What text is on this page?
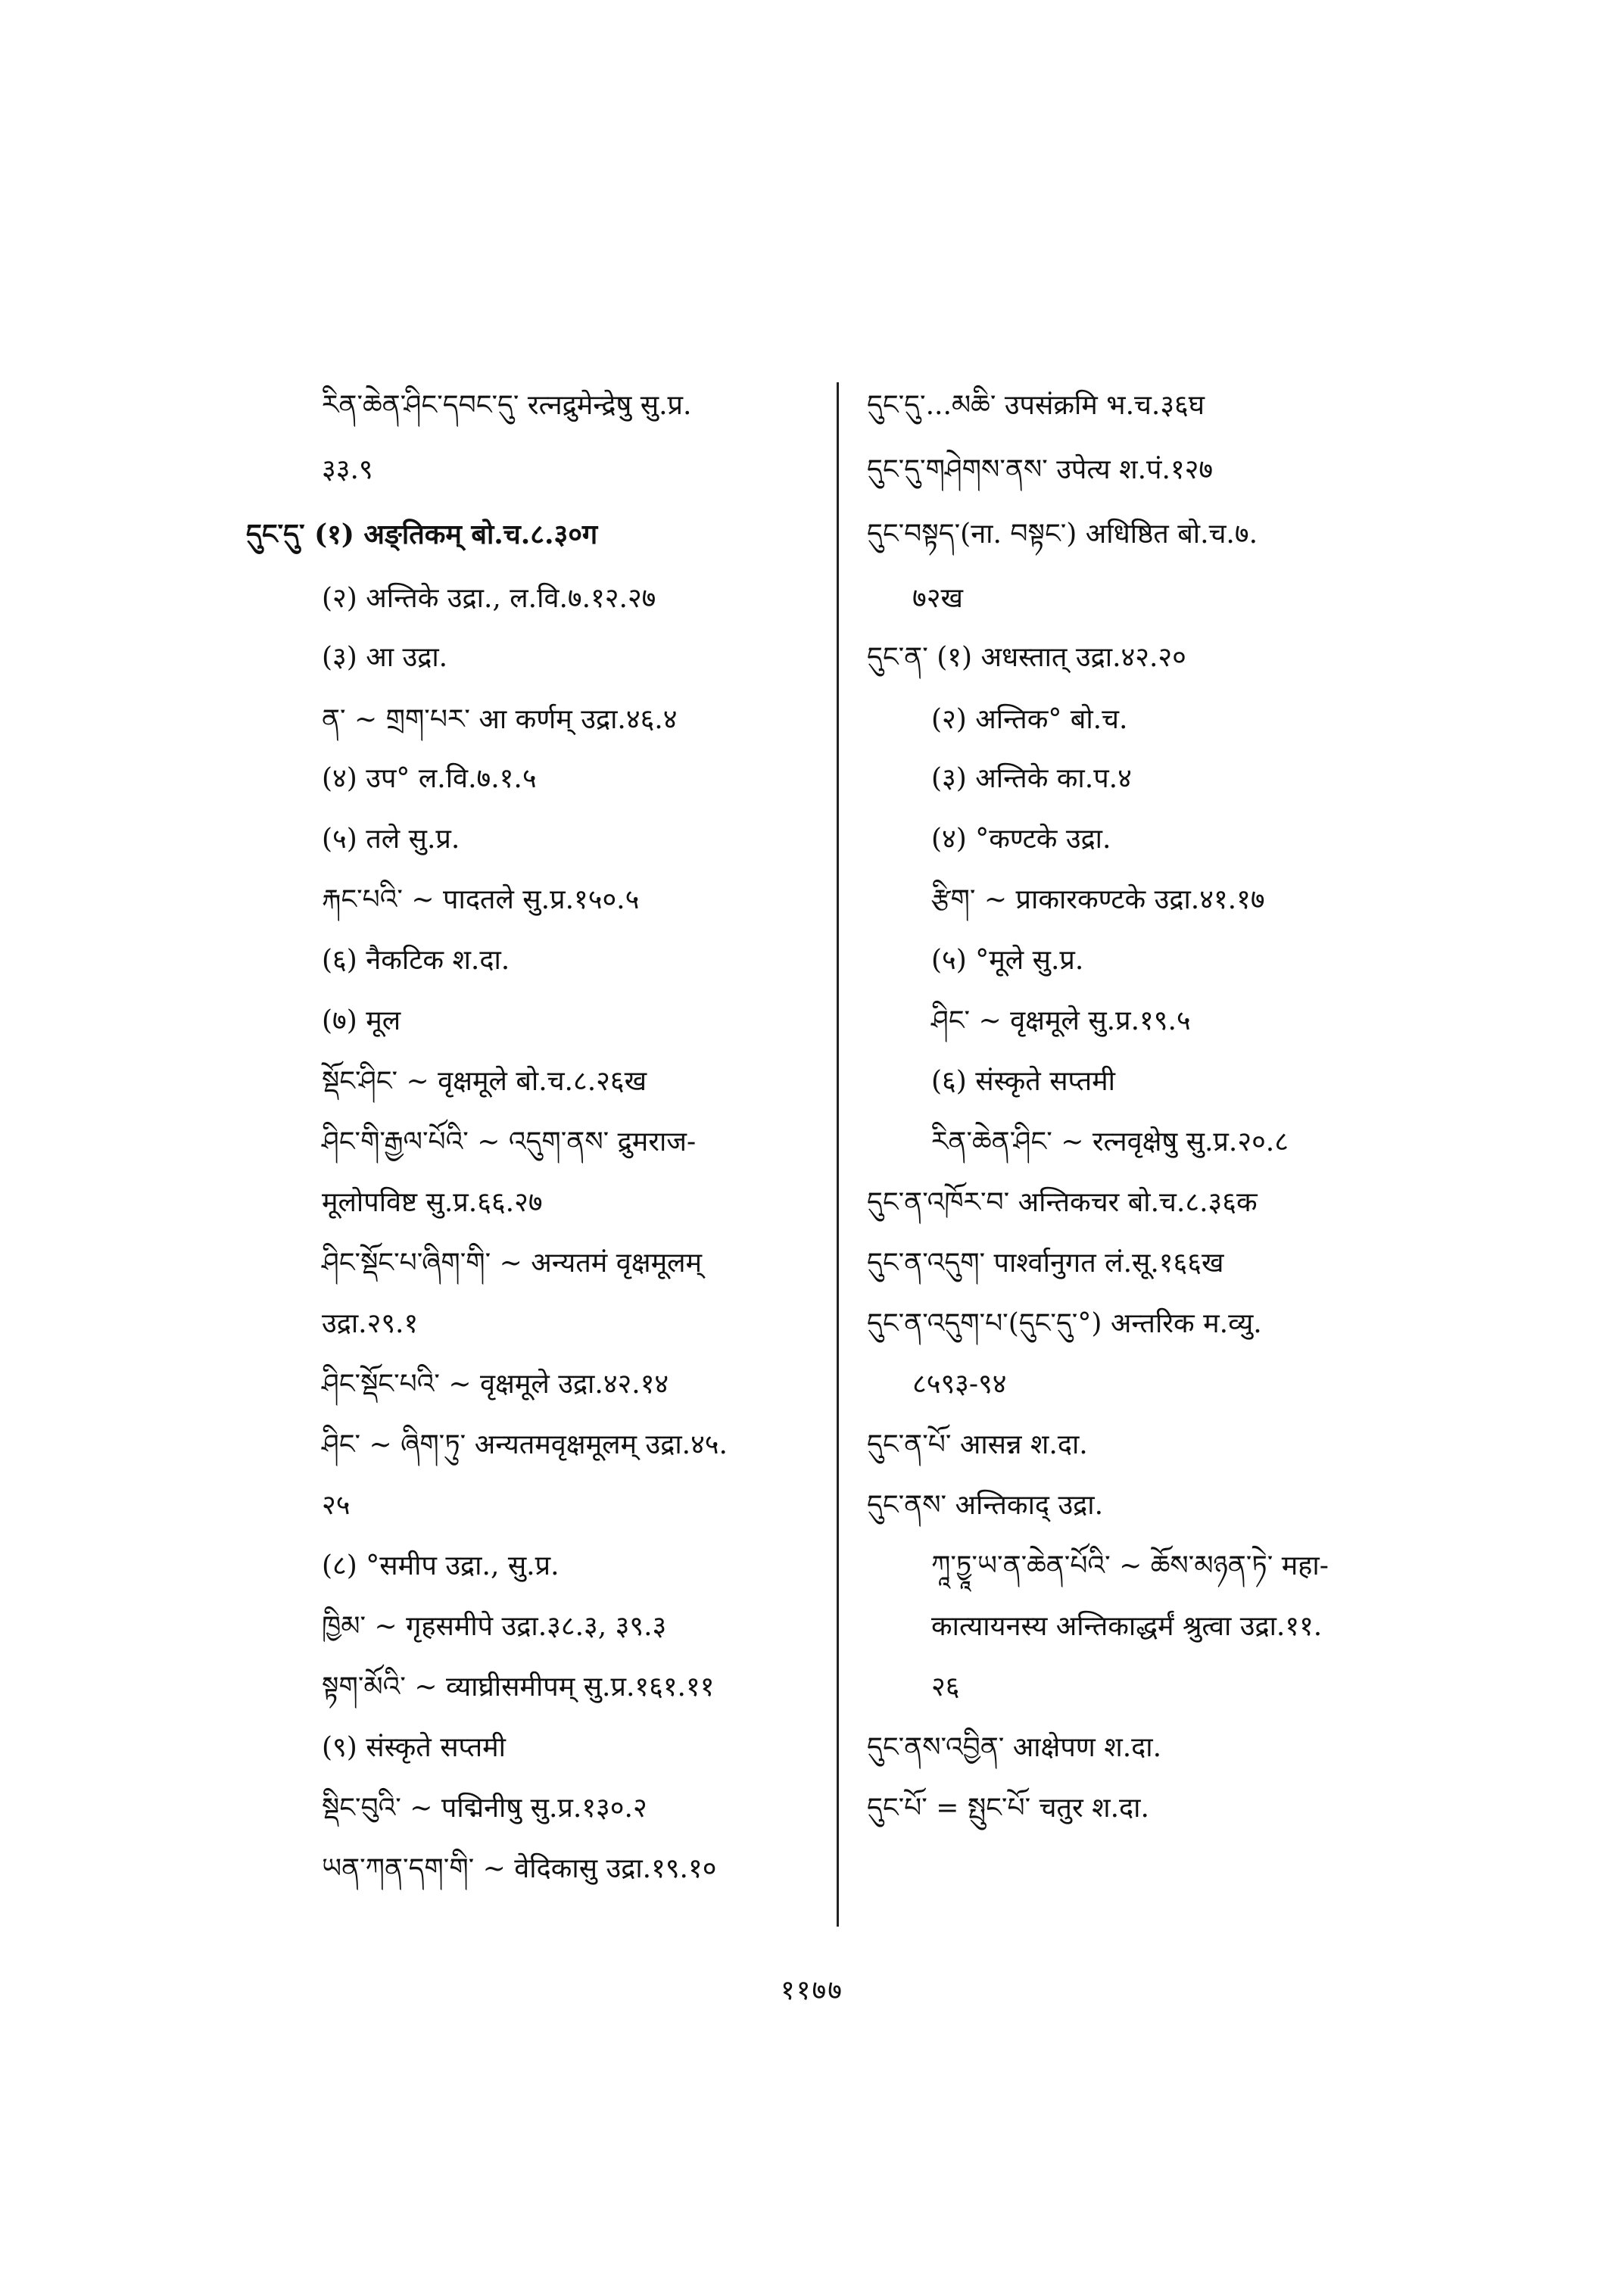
རིན་ཆེན་ཤིང་དབང་དུ་ रत्नद्रुमेन्द्रेषु सु.प्र.
३३.९
དུང་དུ་ (१) अङ्तिकम् बो.च.८.३०ग
(२) अन्तिके उद्रा., ल.वि.७.१२.२७
(३) आ उद्रा.
ན་ ~ གྲག་པར་ आ कर्णम् उद्रा.४६.४
(४) उप° ल.वि.७.१.५
(५) तले सु.प्र.
རྐང་པའི་ ~ पादतले सु.प्र.१५०.५
(६) नैकटिक श.दा.
(७) मूल
སྡོང་ཤིང་ ~ वृक्षमूले बो.च.८.२६ख
ཤིང་གི་རྒྱལ་པོའི་ ~ འདུག་ནས་ द्रुमराज-
मूलोपविष्ट सु.प्र.६६.२७
ཤིང་སྡོང་པ་ཞིག་གི་ ~ अन्यतमं वृक्षमूलम्
उद्रा.२९.१
ཤིང་སྡོང་པའི་ ~ वृक्षमूले उद्रा.४२.१४
ཤིང་ ~ ཞིག་ཏུ་ अन्यतमवृक्षमूलम् उद्रा.४५.
२५
(८) °समीप उद्रा., सु.प्र.
ཁྱིམ་ ~ गृहसमीपे उद्रा.३८.३, ३९.३
སྟག་མོའི་ ~ व्याघ्रीसमीपम् सु.प्र.१६१.११
(९) संस्कृते सप्तमी
སྡིང་བུའི་ ~ पद्मिनीषु सु.प्र.१३०.२
ཡན་ཀན་དག་གི་ ~ वेदिकासु उद्रा.१९.१०
དུང་དུ་...མཆི་ उपसंक्रमि भ.च.३६घ
དུང་དུ་གཤེགས་ནས་ उपेत्य श.पं.१२७
དུང་བསྟད་(ना. བསྟང་) अधिष्ठित बो.च.७.
७२ख
དུང་ན་ (१) अधस्तात् उद्रा.४२.२०
(२) अन्तिक° बो.च.
(३) अन्तिके का.प.४
(४) °कण्टके उद्रा.
རྩིག་ ~ प्राकारकण्टके उद्रा.४१.१७
(५) °मूले सु.प्र.
ཤིང་ ~ वृक्षमूले सु.प्र.१९.५
(६) संस्कृते सप्तमी
རིན་ཆེན་ཤིང་ ~ रत्नवृक्षेषु सु.प्र.२०.८
དུང་ན་འཁོར་བ་ अन्तिकचर बो.च.८.३६क
དུང་ན་འདུག་ पार्श्वानुगत लं.सू.१६६ख
དུང་ན་འདུག་པ་(དུང་དུ་°) अन्तरिक म.व्यु.
८५९३-९४
དུང་ན་པོ་ आसन्न श.दा.
དུང་ནས་ अन्तिकाद् उद्रा.
ཀཱ་ཏྱཱ་ཡ་ན་ཆེན་པོའི་ ~ ཆོས་མཉན་ཏེ་ महा-
कात्यायनस्य अन्तिकाद्धर्मं श्रुत्वा उद्रा.११.
२६
དུང་ནས་འབྱིན་ आक्षेपण श.दा.
དུང་པོ་ = སྤུང་པོ་ चतुर श.दा.
११७७
